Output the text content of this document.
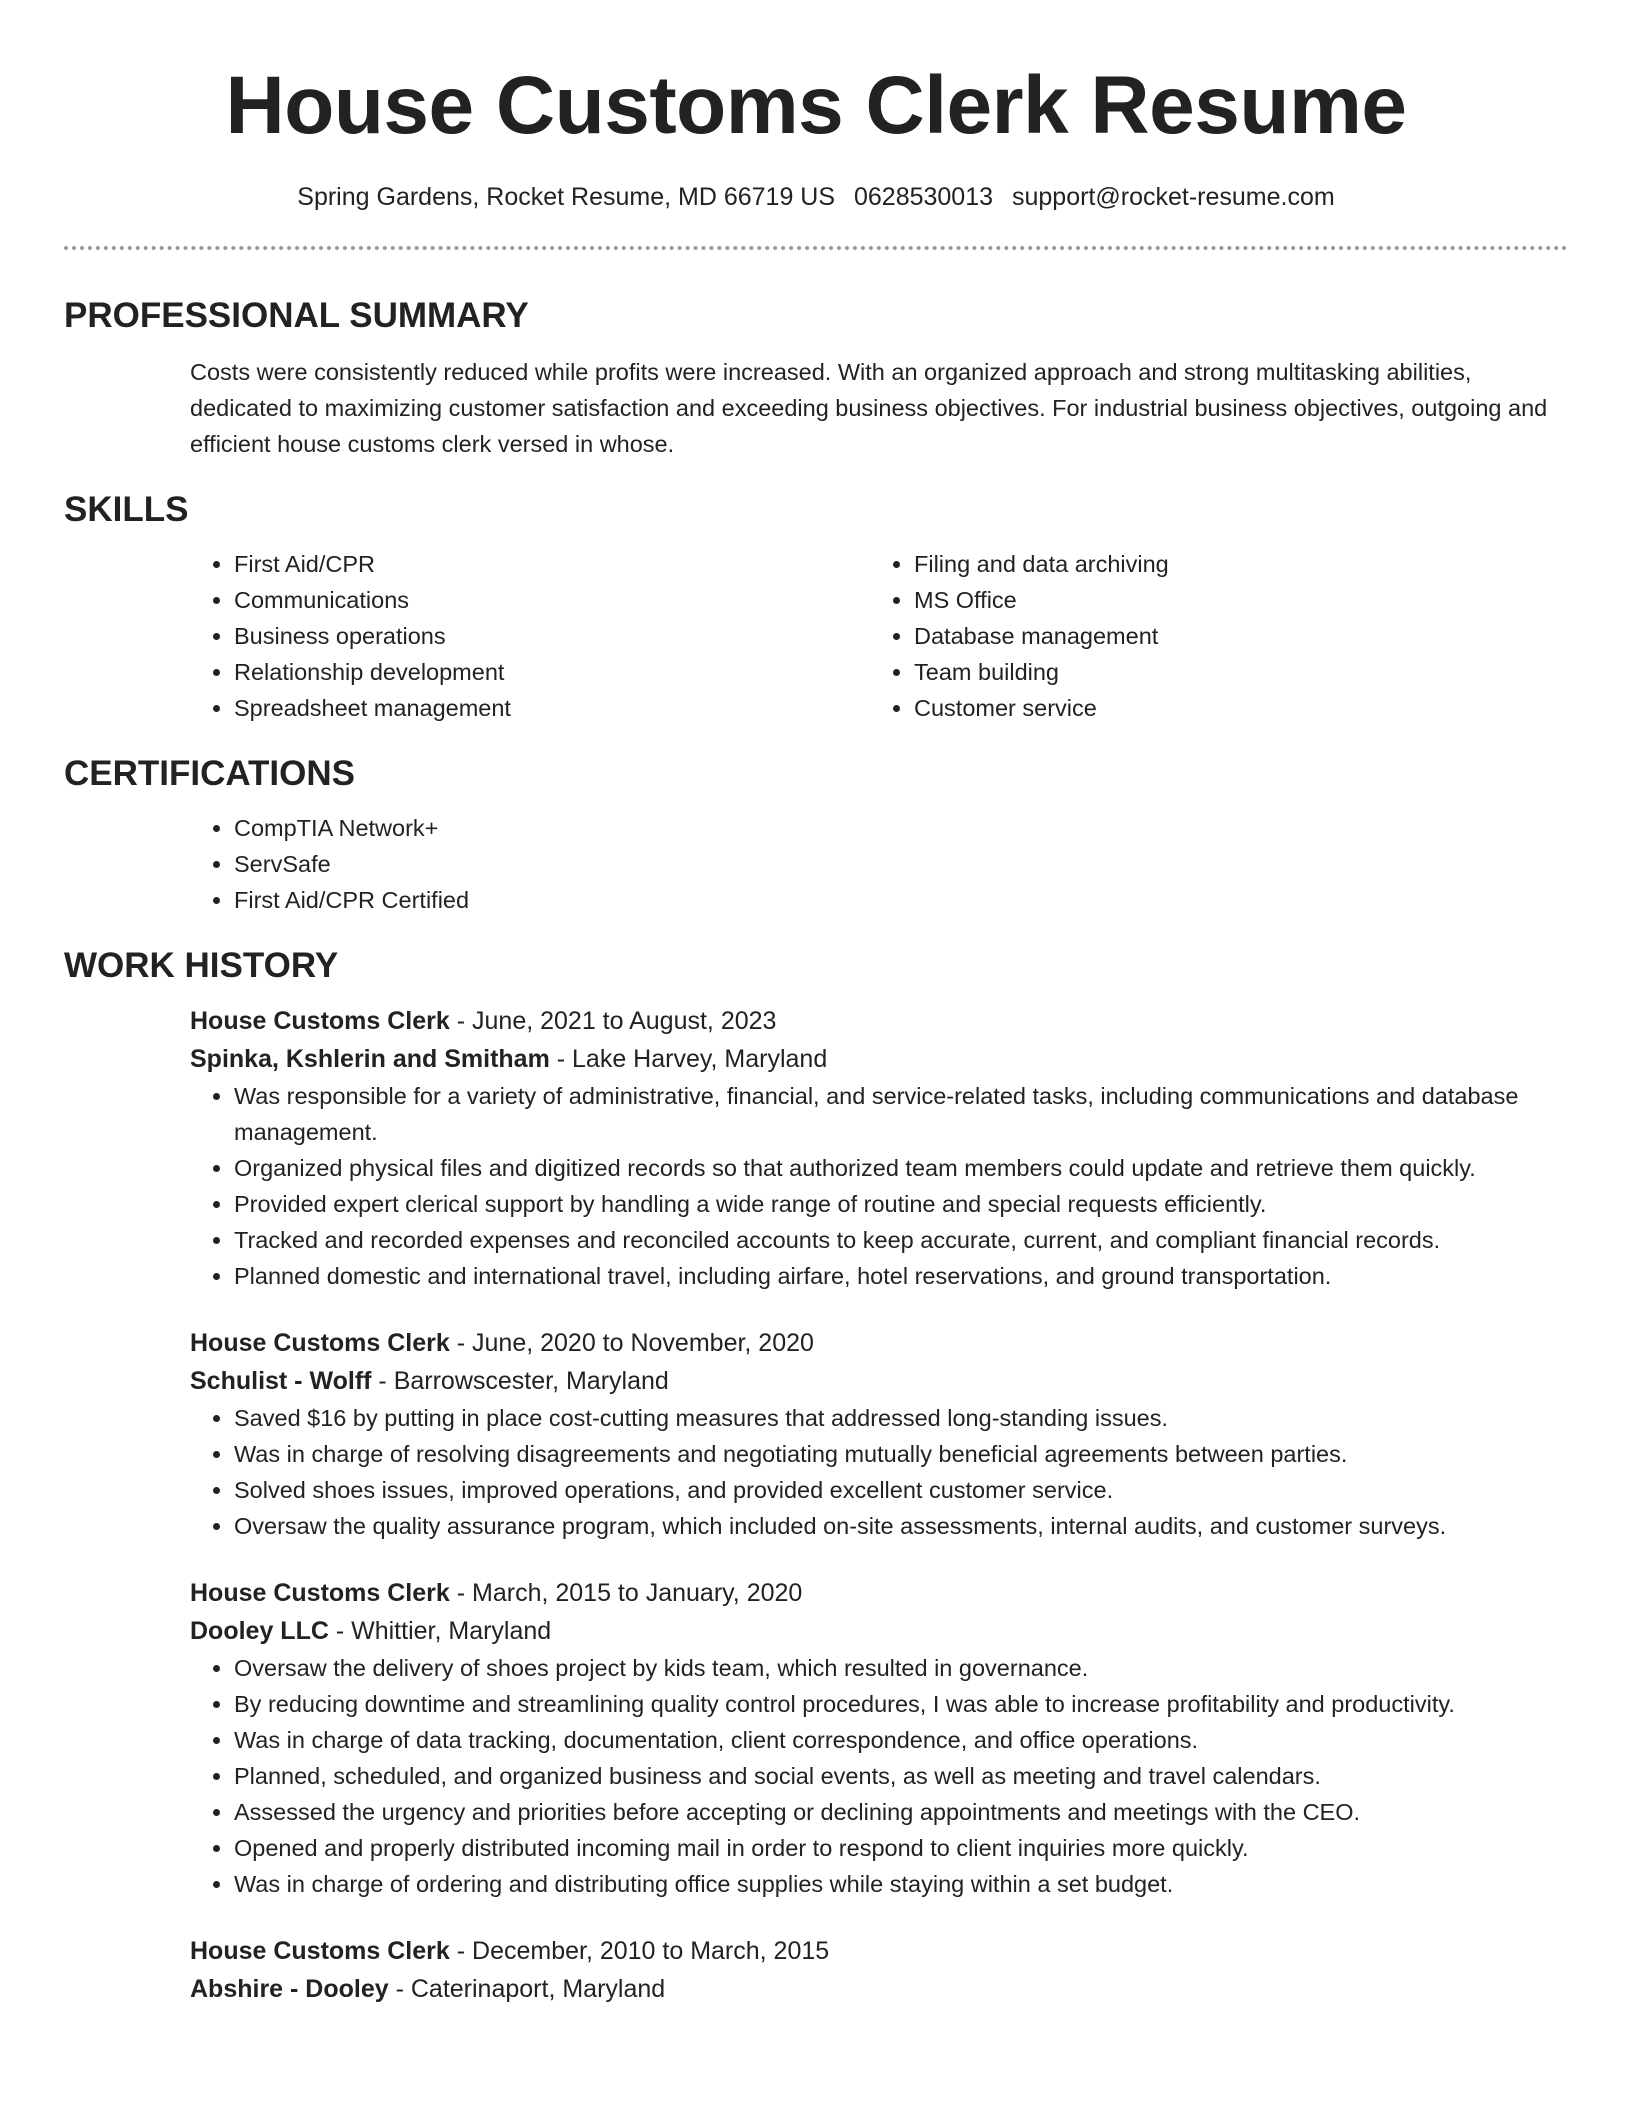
House Customs Clerk Resume
Spring Gardens, Rocket Resume, MD 66719 US 0628530013 support@rocket-resume.com
PROFESSIONAL SUMMARY
Costs were consistently reduced while profits were increased. With an organized approach and strong multitasking abilities, dedicated to maximizing customer satisfaction and exceeding business objectives. For industrial business objectives, outgoing and efficient house customs clerk versed in whose.
SKILLS
• First Aid/CPR
• Communications
• Business operations
• Relationship development
• Spreadsheet management
• Filing and data archiving
• MS Office
• Database management
• Team building
• Customer service
CERTIFICATIONS
• CompTIA Network+
• ServSafe
• First Aid/CPR Certified
WORK HISTORY
House Customs Clerk - June, 2021 to August, 2023
Spinka, Kshlerin and Smitham - Lake Harvey, Maryland
• Was responsible for a variety of administrative, financial, and service-related tasks, including communications and database management.
• Organized physical files and digitized records so that authorized team members could update and retrieve them quickly.
• Provided expert clerical support by handling a wide range of routine and special requests efficiently.
• Tracked and recorded expenses and reconciled accounts to keep accurate, current, and compliant financial records.
• Planned domestic and international travel, including airfare, hotel reservations, and ground transportation.
House Customs Clerk - June, 2020 to November, 2020
Schulist - Wolff - Barrowscester, Maryland
• Saved $16 by putting in place cost-cutting measures that addressed long-standing issues.
• Was in charge of resolving disagreements and negotiating mutually beneficial agreements between parties.
• Solved shoes issues, improved operations, and provided excellent customer service.
• Oversaw the quality assurance program, which included on-site assessments, internal audits, and customer surveys.
House Customs Clerk - March, 2015 to January, 2020
Dooley LLC - Whittier, Maryland
• Oversaw the delivery of shoes project by kids team, which resulted in governance.
• By reducing downtime and streamlining quality control procedures, I was able to increase profitability and productivity.
• Was in charge of data tracking, documentation, client correspondence, and office operations.
• Planned, scheduled, and organized business and social events, as well as meeting and travel calendars.
• Assessed the urgency and priorities before accepting or declining appointments and meetings with the CEO.
• Opened and properly distributed incoming mail in order to respond to client inquiries more quickly.
• Was in charge of ordering and distributing office supplies while staying within a set budget.
House Customs Clerk - December, 2010 to March, 2015
Abshire - Dooley - Caterinaport, Maryland
